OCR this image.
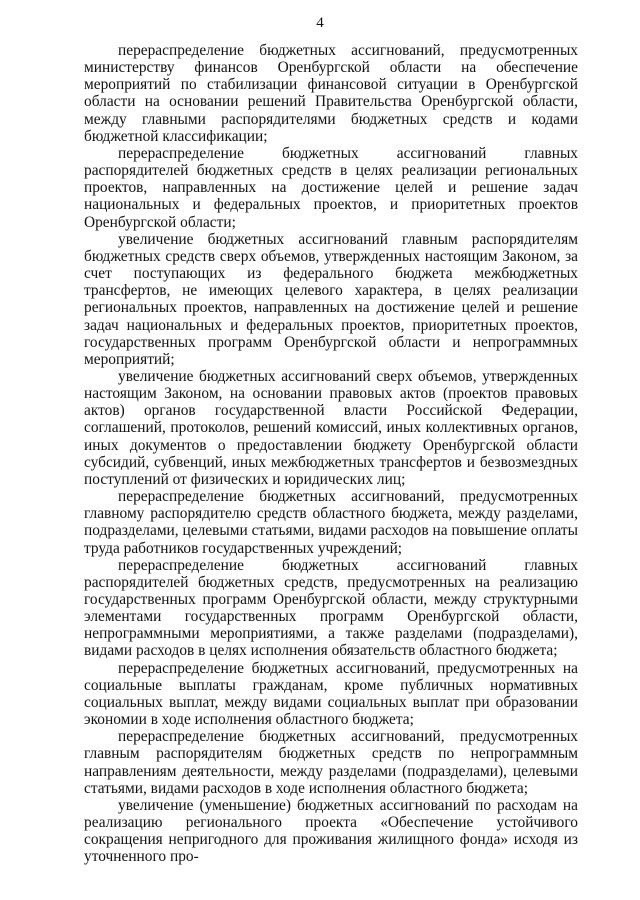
4

перераспределение бюджетных ассигнований, предусмотренных министерству финансов Оренбургской области на обеспечение мероприятий по стабилизации финансовой ситуации в Оренбургской области на основании решений Правительства Оренбургской области, между главными распорядителями бюджетных средств и кодами бюджетной классификации;

перераспределение бюджетных ассигнований главных распорядителей бюджетных средств в целях реализации региональных проектов, направленных на достижение целей и решение задач национальных и федеральных проектов, и приоритетных проектов Оренбургской области;

увеличение бюджетных ассигнований главным распорядителям бюджетных средств сверх объемов, утвержденных настоящим Законом, за счет поступающих из федерального бюджета межбюджетных трансфертов, не имеющих целевого характера, в целях реализации региональных проектов, направленных на достижение целей и решение задач национальных и федеральных проектов, приоритетных проектов, государственных программ Оренбургской области и непрограммных мероприятий;

увеличение бюджетных ассигнований сверх объемов, утвержденных настоящим Законом, на основании правовых актов (проектов правовых актов) органов государственной власти Российской Федерации, соглашений, протоколов, решений комиссий, иных коллективных органов, иных документов о предоставлении бюджету Оренбургской области субсидий, субвенций, иных межбюджетных трансфертов и безвозмездных поступлений от физических и юридических лиц;

перераспределение бюджетных ассигнований, предусмотренных главному распорядителю средств областного бюджета, между разделами, подразделами, целевыми статьями, видами расходов на повышение оплаты труда работников государственных учреждений;

перераспределение бюджетных ассигнований главных распорядителей бюджетных средств, предусмотренных на реализацию государственных программ Оренбургской области, между структурными элементами государственных программ Оренбургской области, непрограммными мероприятиями, а также разделами (подразделами), видами расходов в целях исполнения обязательств областного бюджета;

перераспределение бюджетных ассигнований, предусмотренных на социальные выплаты гражданам, кроме публичных нормативных социальных выплат, между видами социальных выплат при образовании экономии в ходе исполнения областного бюджета;

перераспределение бюджетных ассигнований, предусмотренных главным распорядителям бюджетных средств по непрограммным направлениям деятельности, между разделами (подразделами), целевыми статьями, видами расходов в ходе исполнения областного бюджета;

увеличение (уменьшение) бюджетных ассигнований по расходам на реализацию регионального проекта «Обеспечение устойчивого сокращения непригодного для проживания жилищного фонда» исходя из уточненного про-
